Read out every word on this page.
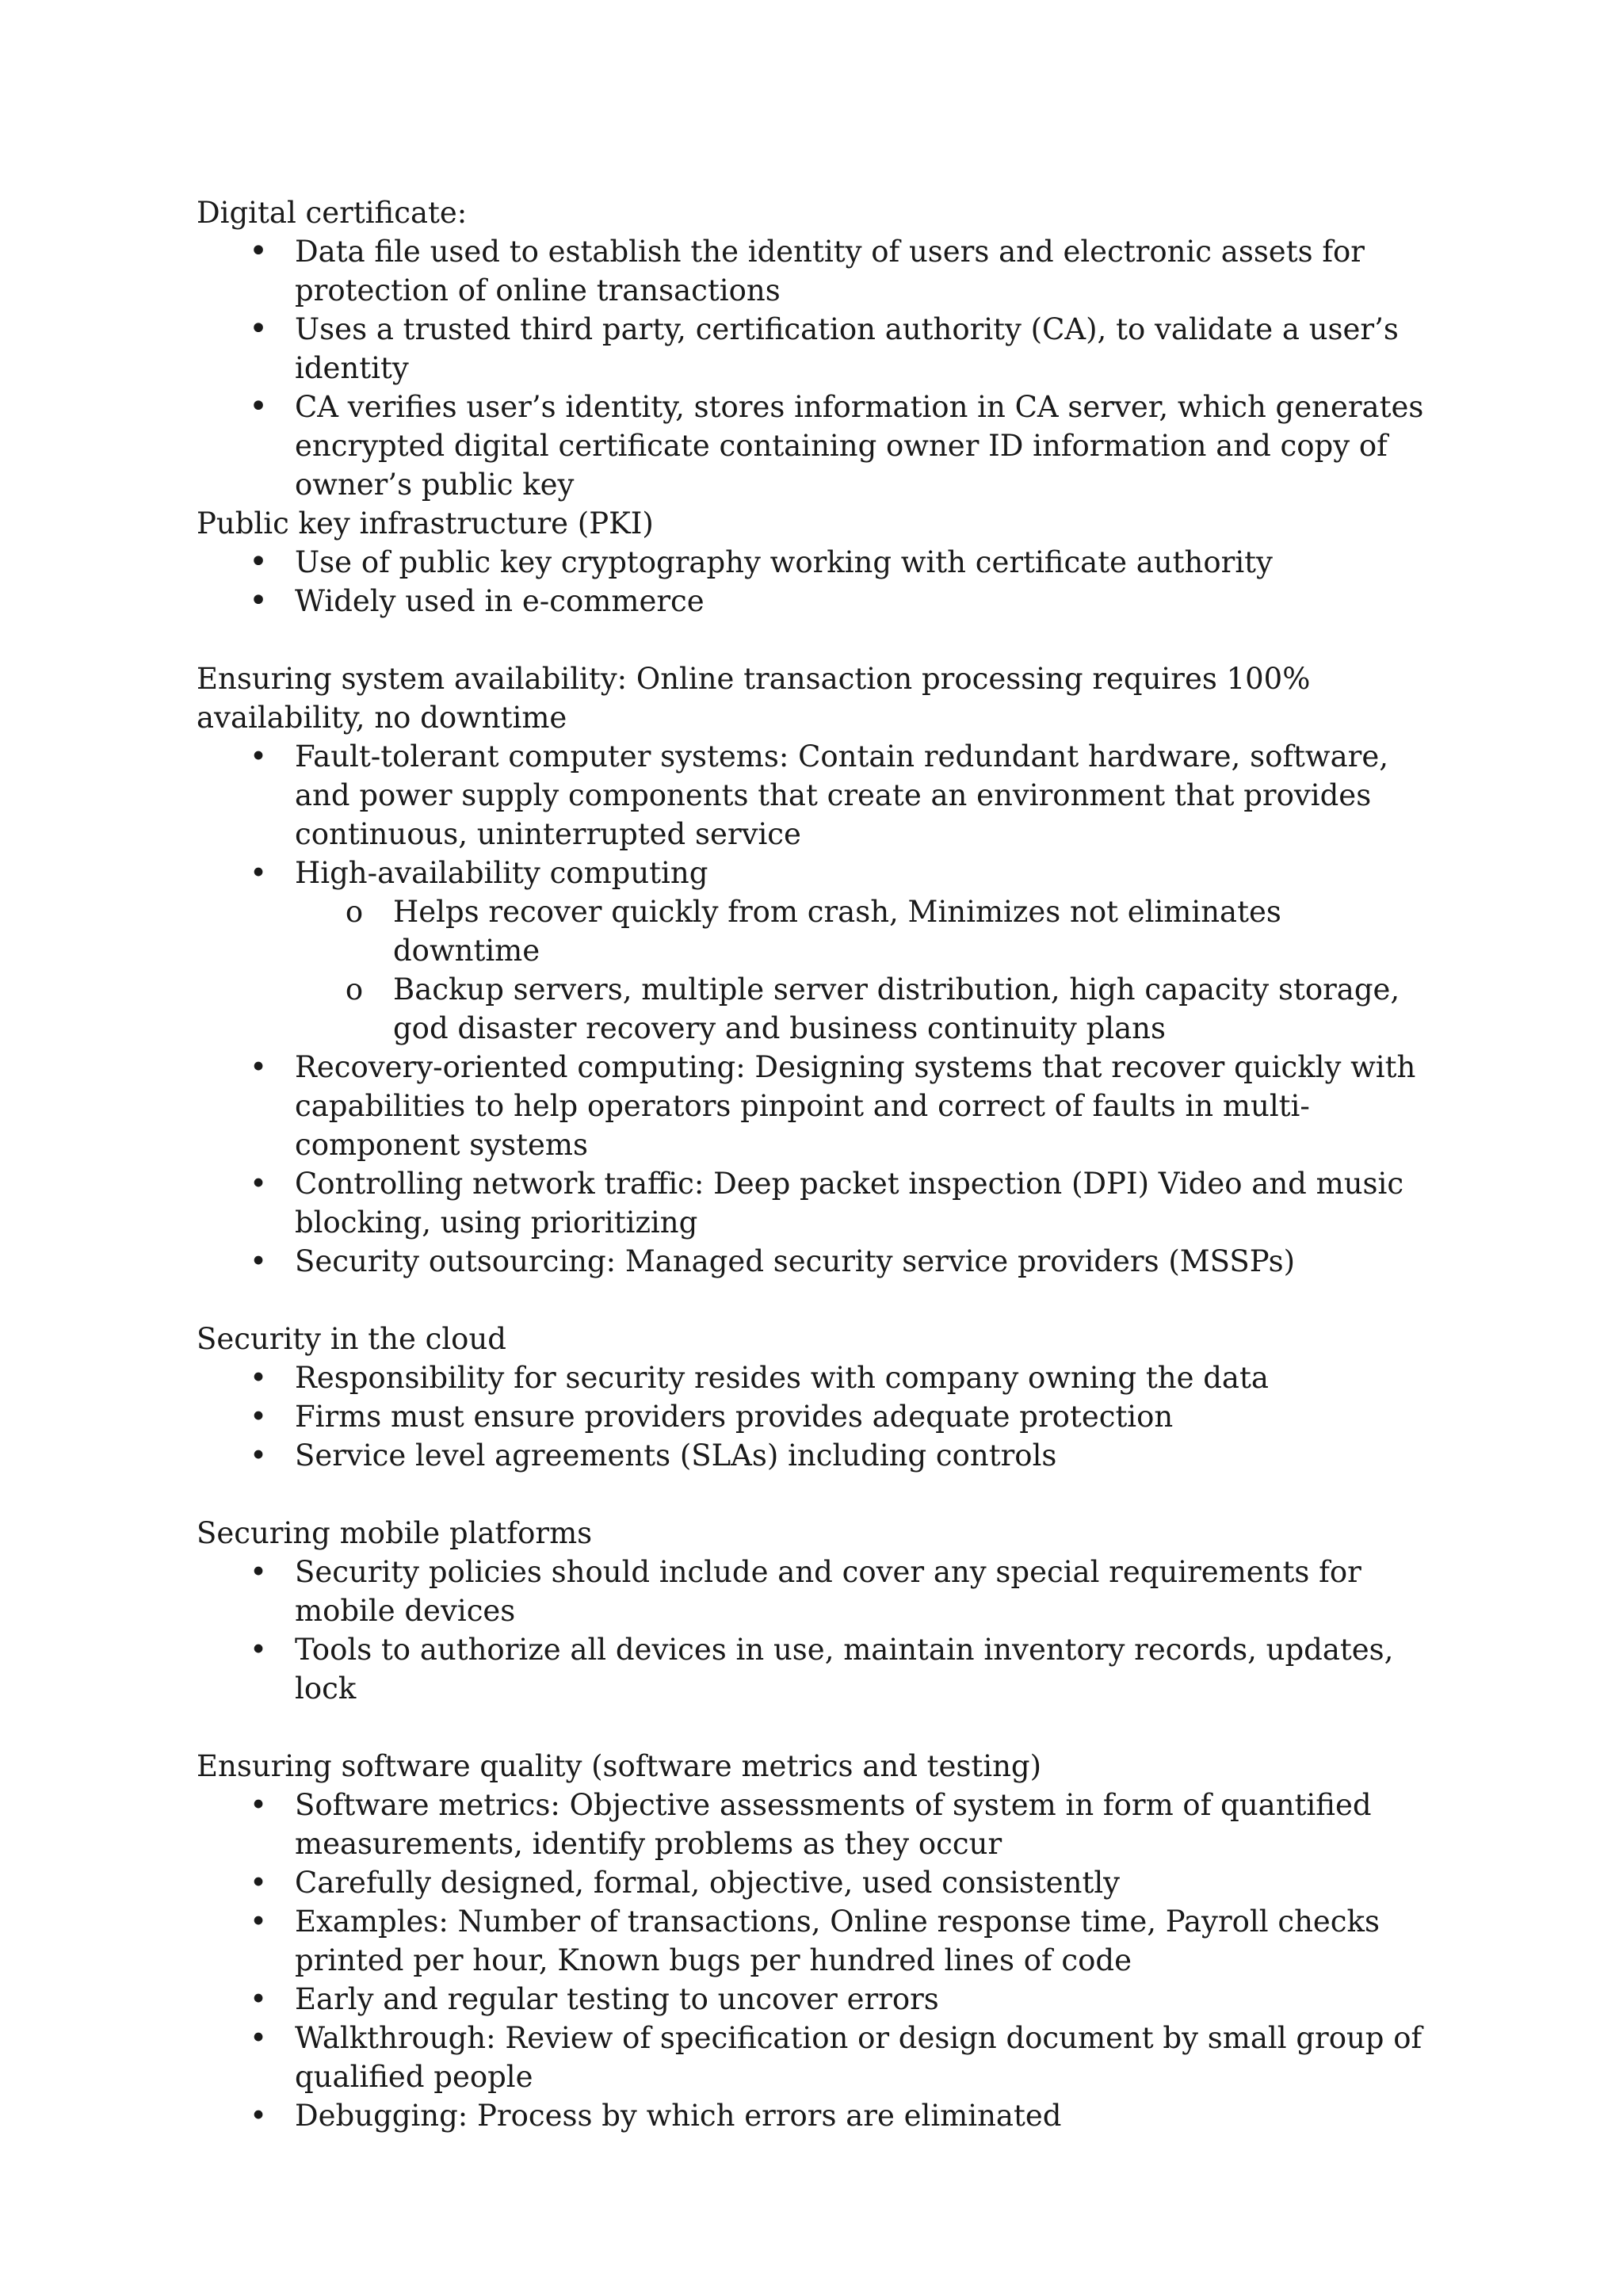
Digital certificate:

• Data file used to establish the identity of users and electronic assets for protection of online transactions
• Uses a trusted third party, certification authority (CA), to validate a user’s identity
• CA verifies user’s identity, stores information in CA server, which generates encrypted digital certificate containing owner ID information and copy of owner’s public key

Public key infrastructure (PKI)

• Use of public key cryptography working with certificate authority
• Widely used in e-commerce

Ensuring system availability: Online transaction processing requires 100% availability, no downtime

• Fault-tolerant computer systems: Contain redundant hardware, software, and power supply components that create an environment that provides continuous, uninterrupted service
• High-availability computing
o Helps recover quickly from crash, Minimizes not eliminates downtime
o Backup servers, multiple server distribution, high capacity storage, god disaster recovery and business continuity plans
• Recovery-oriented computing: Designing systems that recover quickly with capabilities to help operators pinpoint and correct of faults in multi-component systems
• Controlling network traffic: Deep packet inspection (DPI) Video and music blocking, using prioritizing
• Security outsourcing: Managed security service providers (MSSPs)

Security in the cloud

• Responsibility for security resides with company owning the data
• Firms must ensure providers provides adequate protection
• Service level agreements (SLAs) including controls

Securing mobile platforms

• Security policies should include and cover any special requirements for mobile devices
• Tools to authorize all devices in use, maintain inventory records, updates, lock

Ensuring software quality (software metrics and testing)

• Software metrics: Objective assessments of system in form of quantified measurements, identify problems as they occur
• Carefully designed, formal, objective, used consistently
• Examples: Number of transactions, Online response time, Payroll checks printed per hour, Known bugs per hundred lines of code
• Early and regular testing to uncover errors
• Walkthrough: Review of specification or design document by small group of qualified people
• Debugging: Process by which errors are eliminated
